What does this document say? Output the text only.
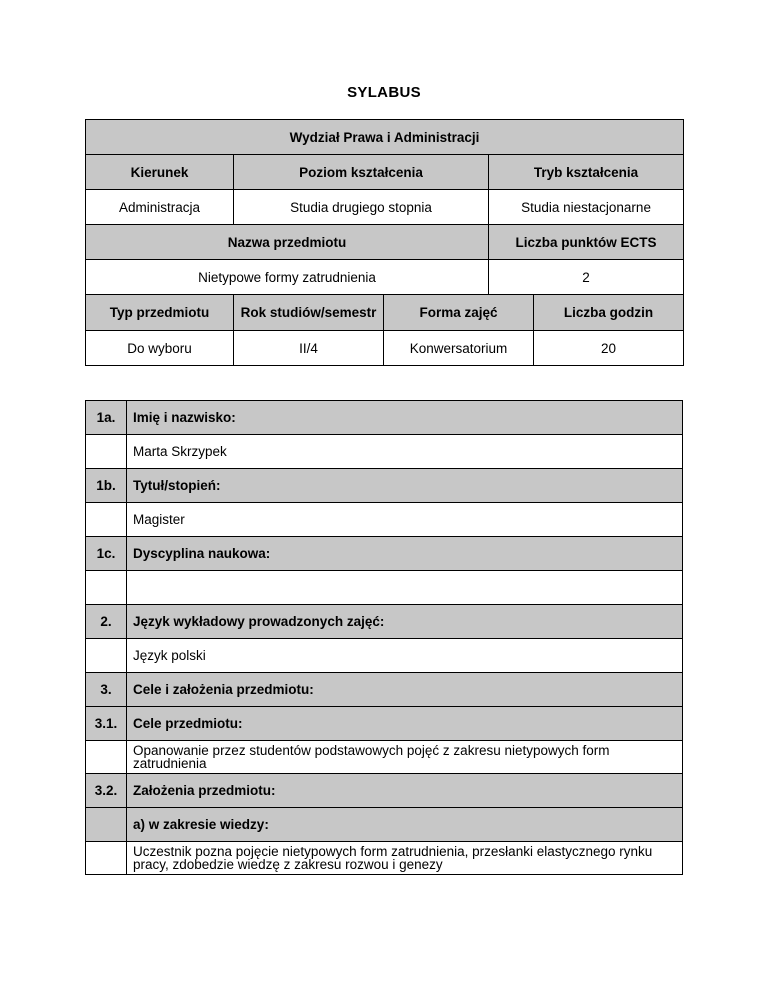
SYLABUS
Wydział Prawa i Administracji				
Kierunek	Poziom kształcenia		Tryb kształcenia	
Administracja	Studia drugiego stopnia		Studia niestacjonarne	
Nazwa przedmiotu			Liczba punktów ECTS	
Nietypowe formy zatrudnienia			2	
Typ przedmiotu	Rok studiów/semestr	Forma zajęć		Liczba godzin
Do wyboru	II/4	Konwersatorium		20
1a.	Imię i nazwisko:
	Marta Skrzypek
1b.	Tytuł/stopień:
	Magister
1c.	Dyscyplina naukowa:

2.	Język wykładowy prowadzonych zajęć:
	Język polski
3.	Cele i założenia przedmiotu:
3.1.	Cele przedmiotu:
	Opanowanie przez studentów podstawowych pojęć z zakresu nietypowych form zatrudnienia
3.2.	Założenia przedmiotu:
	a) w zakresie wiedzy:
	Uczestnik pozna pojęcie nietypowych form zatrudnienia, przesłanki elastycznego rynku pracy, zdobedzie wiedzę z zakresu rozwou i genezy
